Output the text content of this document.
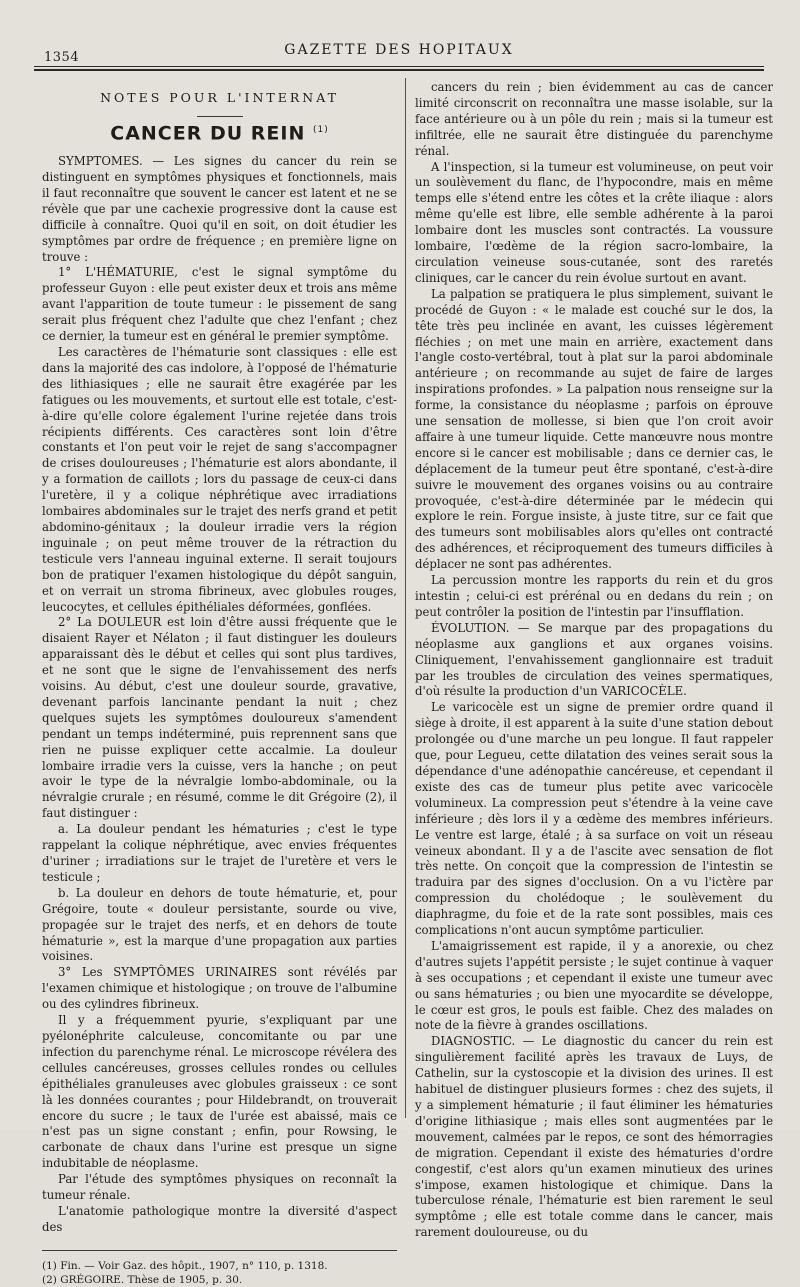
1354	GAZETTE DES HOPITAUX
NOTES POUR L'INTERNAT
CANCER DU REIN $^{(1)}$

SYMPTOMES. — Les signes du cancer du rein se distinguent en symptômes physiques et fonctionnels, mais il faut reconnaître que souvent le cancer est latent et ne se révèle que par une cachexie progressive dont la cause est difficile à connaître. Quoi qu'il en soit, on doit étudier les symptômes par ordre de fréquence ; en première ligne on trouve :

1° L'HÉMATURIE, c'est le signal symptôme du professeur Guyon : elle peut exister deux et trois ans même avant l'apparition de toute tumeur : le pissement de sang serait plus fréquent chez l'adulte que chez l'enfant ; chez ce dernier, la tumeur est en général le premier symptôme.

Les caractères de l'hématurie sont classiques : elle est dans la majorité des cas indolore, à l'opposé de l'hématurie des lithiasiques ; elle ne saurait être exagérée par les fatigues ou les mouvements, et surtout elle est totale, c'est-à-dire qu'elle colore également l'urine rejetée dans trois récipients différents. Ces caractères sont loin d'être constants et l'on peut voir le rejet de sang s'accompagner de crises douloureuses ; l'hématurie est alors abondante, il y a formation de caillots ; lors du passage de ceux-ci dans l'uretère, il y a colique néphrétique avec irradiations lombaires abdominales sur le trajet des nerfs grand et petit abdomino-génitaux ; la douleur irradie vers la région inguinale ; on peut même trouver de la rétraction du testicule vers l'anneau inguinal externe. Il serait toujours bon de pratiquer l'examen histologique du dépôt sanguin, et on verrait un stroma fibrineux, avec globules rouges, leucocytes, et cellules épithéliales déformées, gonflées.

2° La DOULEUR est loin d'être aussi fréquente que le disaient Rayer et Nélaton ; il faut distinguer les douleurs apparaissant dès le début et celles qui sont plus tardives, et ne sont que le signe de l'envahissement des nerfs voisins. Au début, c'est une douleur sourde, gravative, devenant parfois lancinante pendant la nuit ; chez quelques sujets les symptômes douloureux s'amendent pendant un temps indéterminé, puis reprennent sans que rien ne puisse expliquer cette accalmie. La douleur lombaire irradie vers la cuisse, vers la hanche ; on peut avoir le type de la névralgie lombo-abdominale, ou la névralgie crurale ; en résumé, comme le dit Grégoire (2), il faut distinguer :

a. La douleur pendant les hématuries ; c'est le type rappelant la colique néphrétique, avec envies fréquentes d'uriner ; irradiations sur le trajet de l'uretère et vers le testicule ;

b. La douleur en dehors de toute hématurie, et, pour Grégoire, toute « douleur persistante, sourde ou vive, propagée sur le trajet des nerfs, et en dehors de toute hématurie », est la marque d'une propagation aux parties voisines.

3° Les SYMPTÔMES URINAIRES sont révélés par l'examen chimique et histologique ; on trouve de l'albumine ou des cylindres fibrineux.

Il y a fréquemment pyurie, s'expliquant par une pyélonéphrite calculeuse, concomitante ou par une infection du parenchyme rénal. Le microscope révélera des cellules cancéreuses, grosses cellules rondes ou cellules épithéliales granuleuses avec globules graisseux : ce sont là les données courantes ; pour Hildebrandt, on trouverait encore du sucre ; le taux de l'urée est abaissé, mais ce n'est pas un signe constant ; enfin, pour Rowsing, le carbonate de chaux dans l'urine est presque un signe indubitable de néoplasme.

Par l'étude des symptômes physiques on reconnaît la tumeur rénale.

L'anatomie pathologique montre la diversité d'aspect des

(1) Fin. — Voir Gaz. des hôpit., 1907, n° 110, p. 1318.

(2) GRÉGOIRE. Thèse de 1905, p. 30.

cancers du rein ; bien évidemment au cas de cancer limité circonscrit on reconnaîtra une masse isolable, sur la face antérieure ou à un pôle du rein ; mais si la tumeur est infiltrée, elle ne saurait être distinguée du parenchyme rénal.

A l'inspection, si la tumeur est volumineuse, on peut voir un soulèvement du flanc, de l'hypocondre, mais en même temps elle s'étend entre les côtes et la crête iliaque : alors même qu'elle est libre, elle semble adhérente à la paroi lombaire dont les muscles sont contractés. La voussure lombaire, l'œdème de la région sacro-lombaire, la circulation veineuse sous-cutanée, sont des raretés cliniques, car le cancer du rein évolue surtout en avant.

La palpation se pratiquera le plus simplement, suivant le procédé de Guyon : « le malade est couché sur le dos, la tête très peu inclinée en avant, les cuisses légèrement fléchies ; on met une main en arrière, exactement dans l'angle costo-vertébral, tout à plat sur la paroi abdominale antérieure ; on recommande au sujet de faire de larges inspirations profondes. » La palpation nous renseigne sur la forme, la consistance du néoplasme ; parfois on éprouve une sensation de mollesse, si bien que l'on croit avoir affaire à une tumeur liquide. Cette manœuvre nous montre encore si le cancer est mobilisable ; dans ce dernier cas, le déplacement de la tumeur peut être spontané, c'est-à-dire suivre le mouvement des organes voisins ou au contraire provoquée, c'est-à-dire déterminée par le médecin qui explore le rein. Forgue insiste, à juste titre, sur ce fait que des tumeurs sont mobilisables alors qu'elles ont contracté des adhérences, et réciproquement des tumeurs difficiles à déplacer ne sont pas adhérentes.

La percussion montre les rapports du rein et du gros intestin ; celui-ci est prérénal ou en dedans du rein ; on peut contrôler la position de l'intestin par l'insufflation.

ÉVOLUTION. — Se marque par des propagations du néoplasme aux ganglions et aux organes voisins. Cliniquement, l'envahissement ganglionnaire est traduit par les troubles de circulation des veines spermatiques, d'où résulte la production d'un VARICOCÈLE.

Le varicocèle est un signe de premier ordre quand il siège à droite, il est apparent à la suite d'une station debout prolongée ou d'une marche un peu longue. Il faut rappeler que, pour Legueu, cette dilatation des veines serait sous la dépendance d'une adénopathie cancéreuse, et cependant il existe des cas de tumeur plus petite avec varicocèle volumineux. La compression peut s'étendre à la veine cave inférieure ; dès lors il y a œdème des membres inférieurs. Le ventre est large, étalé ; à sa surface on voit un réseau veineux abondant. Il y a de l'ascite avec sensation de flot très nette. On conçoit que la compression de l'intestin se traduira par des signes d'occlusion. On a vu l'ictère par compression du cholédoque ; le soulèvement du diaphragme, du foie et de la rate sont possibles, mais ces complications n'ont aucun symptôme particulier.

L'amaigrissement est rapide, il y a anorexie, ou chez d'autres sujets l'appétit persiste ; le sujet continue à vaquer à ses occupations ; et cependant il existe une tumeur avec ou sans hématuries ; ou bien une myocardite se développe, le cœur est gros, le pouls est faible. Chez des malades on note de la fièvre à grandes oscillations.

DIAGNOSTIC. — Le diagnostic du cancer du rein est singulièrement facilité après les travaux de Luys, de Cathelin, sur la cystoscopie et la division des urines. Il est habituel de distinguer plusieurs formes : chez des sujets, il y a simplement hématurie ; il faut éliminer les hématuries d'origine lithiasique ; mais elles sont augmentées par le mouvement, calmées par le repos, ce sont des hémorragies de migration. Cependant il existe des hématuries d'ordre congestif, c'est alors qu'un examen minutieux des urines s'impose, examen histologique et chimique. Dans la tuberculose rénale, l'hématurie est bien rarement le seul symptôme ; elle est totale comme dans le cancer, mais rarement douloureuse, ou du
